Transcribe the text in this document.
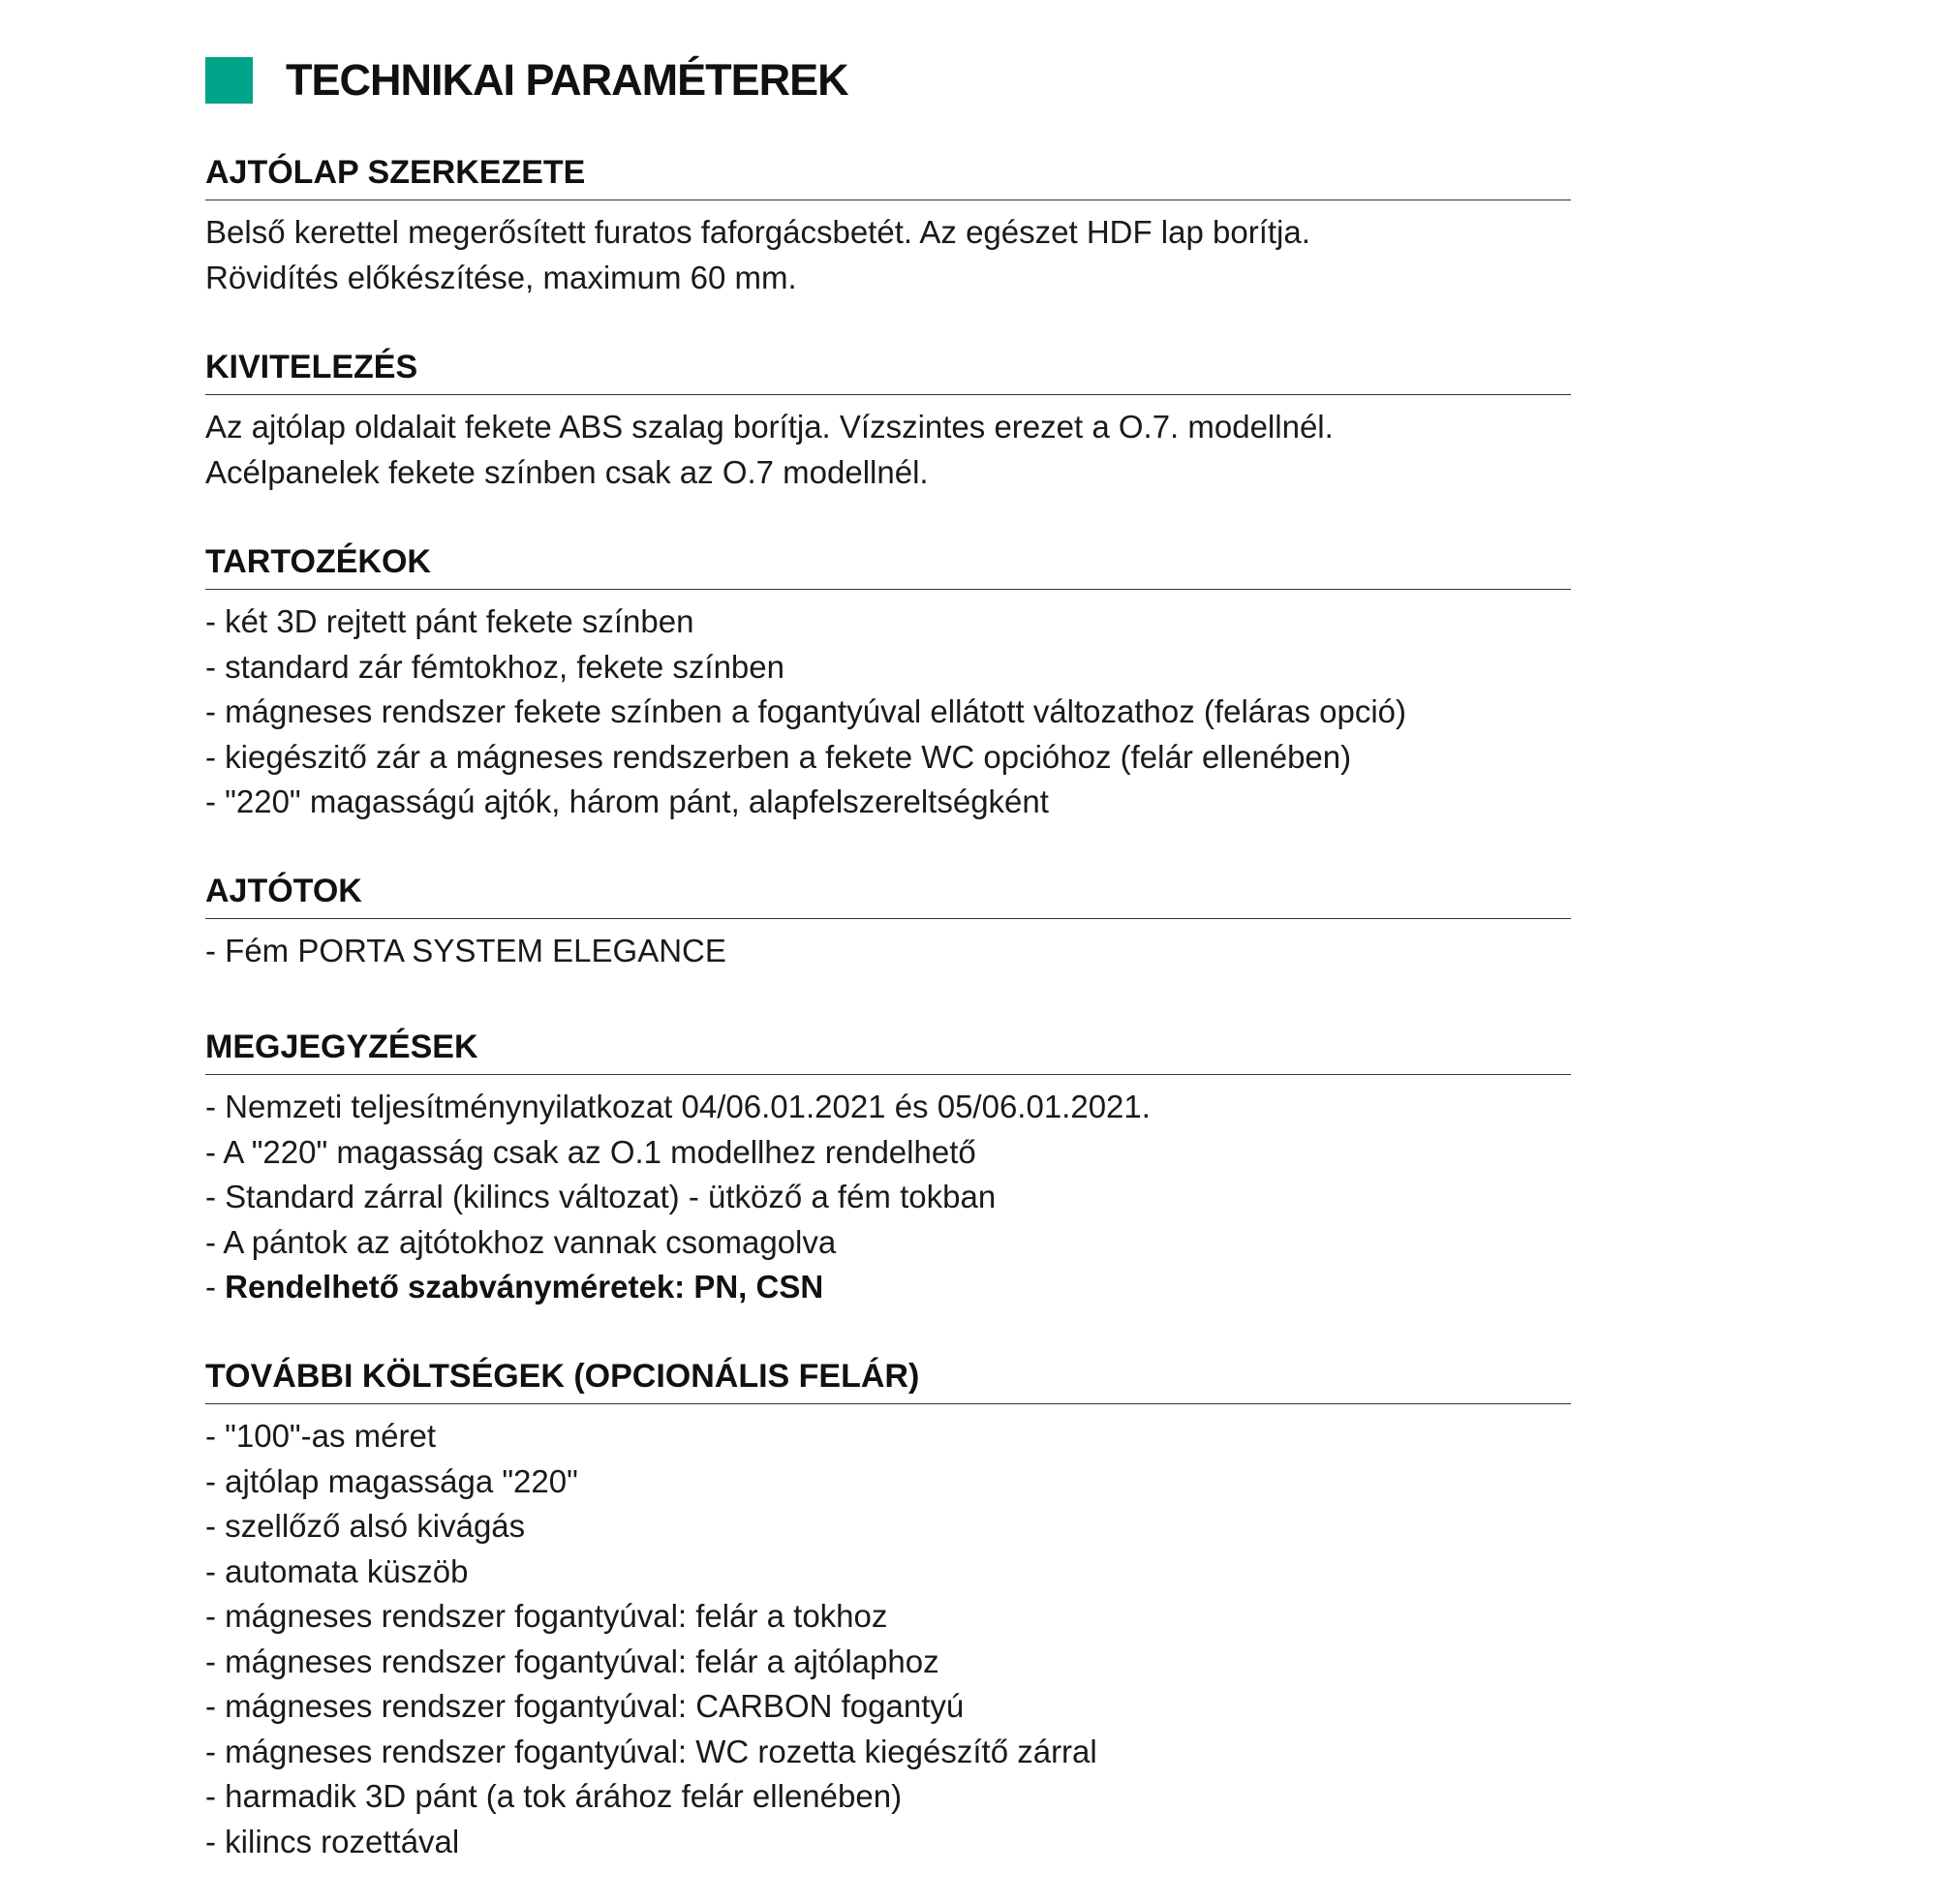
TECHNIKAI PARAMÉTEREK
AJTÓLAP SZERKEZETE
Belső kerettel megerősített furatos faforgácsbetét. Az egészet HDF lap borítja.
Rövidítés előkészítése, maximum 60 mm.
KIVITELEZÉS
Az ajtólap oldalait fekete ABS szalag borítja. Vízszintes erezet a O.7. modellnél.
Acélpanelek fekete színben csak az O.7 modellnél.
TARTOZÉKOK
- két 3D rejtett pánt fekete színben
- standard zár fémtokhoz, fekete színben
- mágneses rendszer fekete színben a fogantyúval ellátott változathoz (feláras opció)
- kiegészitő zár a mágneses rendszerben a fekete WC opcióhoz (felár ellenében)
- "220" magasságú ajtók, három pánt, alapfelszereltségként
AJTÓTOK
- Fém PORTA SYSTEM ELEGANCE
MEGJEGYZÉSEK
- Nemzeti teljesítménynyilatkozat 04/06.01.2021 és 05/06.01.2021.
- A "220" magasság csak az O.1 modellhez rendelhető
- Standard zárral (kilincs változat) - ütköző a fém tokban
- A pántok az ajtótokhoz vannak csomagolva
- Rendelhető szabványméretek: PN, CSN
TOVÁBBI KÖLTSÉGEK (OPCIONÁLIS FELÁR)
- "100"-as méret
- ajtólap magassága "220"
- szellőző alsó kivágás
- automata küszöb
- mágneses rendszer fogantyúval: felár a tokhoz
- mágneses rendszer fogantyúval: felár a ajtólaphoz
- mágneses rendszer fogantyúval: CARBON fogantyú
- mágneses rendszer fogantyúval: WC rozetta kiegészítő zárral
- harmadik 3D pánt (a tok árához felár ellenében)
- kilincs rozettával
